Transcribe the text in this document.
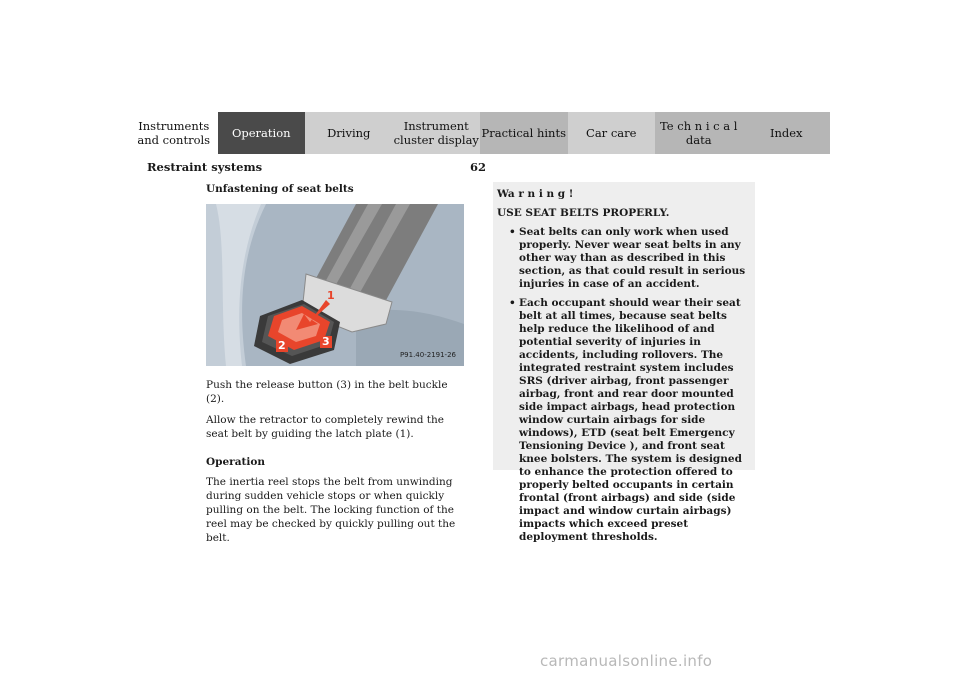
Instruments
and controls	Operation	Driving	Instrument
cluster display Practical hints	Car care	Te ch n i c a l
data	Index
Restraint systems	62

Unfastening of seat belts

1
2	3
P91.40-2191-26

Push the release button (3) in the belt buckle (2).

Allow the retractor to completely rewind the seat belt by guiding the latch plate (1).

Operation

The inertia reel stops the belt from unwinding during sudden vehicle stops or when quickly pulling on the belt. The locking function of the reel may be checked by quickly pulling out the belt.

Wa r n i n g !

USE SEAT BELTS PROPERLY.

• Seat belts can only work when used properly. Never wear seat belts in any other way than as described in this section, as that could result in serious injuries in case of an accident.
• Each occupant should wear their seat belt at all times, because seat belts help reduce the likelihood of and potential severity of injuries in accidents, including rollovers. The integrated restraint system includes SRS (driver airbag, front passenger airbag, front and rear door mounted side impact airbags, head protection window curtain airbags for side windows), ETD (seat belt Emergency Tensioning Device ), and front seat knee bolsters. The system is designed to enhance the protection offered to properly belted occupants in certain frontal (front airbags) and side (side impact and window curtain airbags) impacts which exceed preset deployment thresholds.
carmanualsonline.info
